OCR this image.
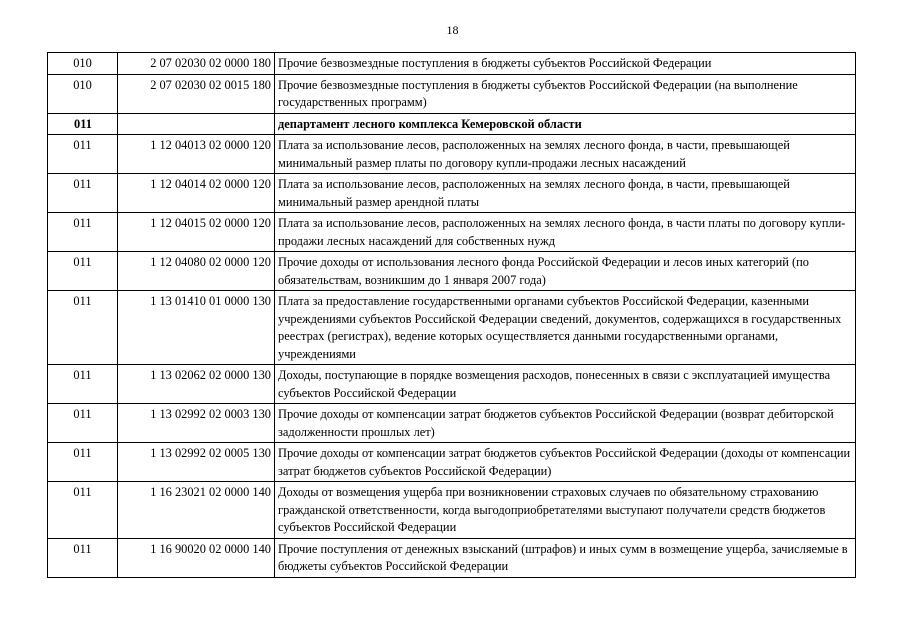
18
010	2 07 02030 02 0000 180	Прочие безвозмездные поступления в бюджеты субъектов Российской Федерации
010	2 07 02030 02 0015 180	Прочие безвозмездные поступления в бюджеты субъектов Российской Федерации (на выполнение государственных программ)
011		департамент лесного комплекса Кемеровской области
011	1 12 04013 02 0000 120	Плата за использование лесов, расположенных на землях лесного фонда, в части, превышающей минимальный размер платы по договору купли-продажи лесных насаждений
011	1 12 04014 02 0000 120	Плата за использование лесов, расположенных на землях лесного фонда, в части, превышающей минимальный размер арендной платы
011	1 12 04015 02 0000 120	Плата за использование лесов, расположенных на землях лесного фонда, в части платы по договору купли-продажи лесных насаждений для собственных нужд
011	1 12 04080 02 0000 120	Прочие доходы от использования лесного фонда Российской Федерации и лесов иных категорий (по обязательствам, возникшим до 1 января 2007 года)
011	1 13 01410 01 0000 130	Плата за предоставление государственными органами субъектов Российской Федерации, казенными учреждениями субъектов Российской Федерации сведений, документов, содержащихся в государственных реестрах (регистрах), ведение которых осуществляется данными государственными органами, учреждениями
011	1 13 02062 02 0000 130	Доходы, поступающие в порядке возмещения расходов, понесенных в связи с эксплуатацией имущества субъектов Российской Федерации
011	1 13 02992 02 0003 130	Прочие доходы от компенсации затрат бюджетов субъектов Российской Федерации (возврат дебиторской задолженности прошлых лет)
011	1 13 02992 02 0005 130	Прочие доходы от компенсации затрат бюджетов субъектов Российской Федерации (доходы от компенсации затрат бюджетов субъектов Российской Федерации)
011	1 16 23021 02 0000 140	Доходы от возмещения ущерба при возникновении страховых случаев по обязательному страхованию гражданской ответственности, когда выгодоприобретателями выступают получатели средств бюджетов субъектов Российской Федерации
011	1 16 90020 02 0000 140	Прочие поступления от денежных взысканий (штрафов) и иных сумм в возмещение ущерба, зачисляемые в бюджеты субъектов Российской Федерации
